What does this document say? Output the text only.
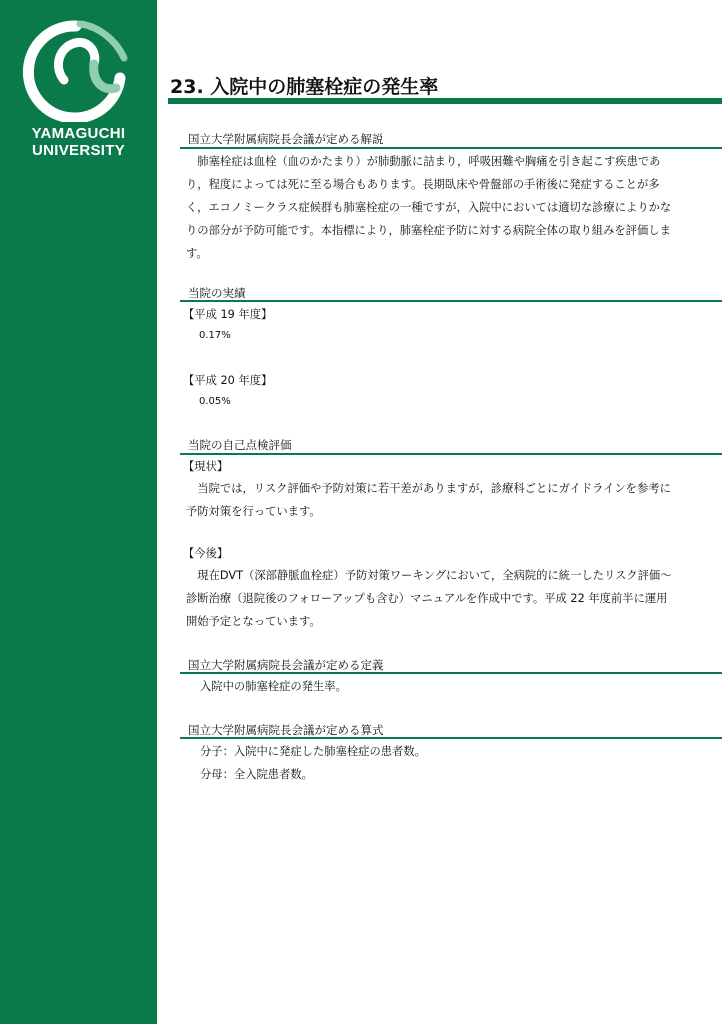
YAMAGUCHI
UNIVERSITY
23. 入院中の肺塞栓症の発生率
国立大学附属病院長会議が定める解説

肺塞栓症は血栓（血のかたまり）が肺動脈に詰まり，呼吸困難や胸痛を引き起こす疾患であり，程度によっては死に至る場合もあります。長期臥床や骨盤部の手術後に発症することが多く，エコノミークラス症候群も肺塞栓症の一種ですが，入院中においては適切な診療によりかなりの部分が予防可能です。本指標により，肺塞栓症予防に対する病院全体の取り組みを評価します。

当院の実績
【平成 19 年度】
0.17%
【平成 20 年度】
0.05%
当院の自己点検評価
【現状】

当院では，リスク評価や予防対策に若干差がありますが，診療科ごとにガイドラインを参考に予防対策を行っています。

【今後】

現在DVT（深部静脈血栓症）予防対策ワーキングにおいて，全病院的に統一したリスク評価～診断治療（退院後のフォローアップも含む）マニュアルを作成中です。平成 22 年度前半に運用開始予定となっています。

国立大学附属病院長会議が定める定義
入院中の肺塞栓症の発生率。
国立大学附属病院長会議が定める算式
分子：入院中に発症した肺塞栓症の患者数。
分母：全入院患者数。
